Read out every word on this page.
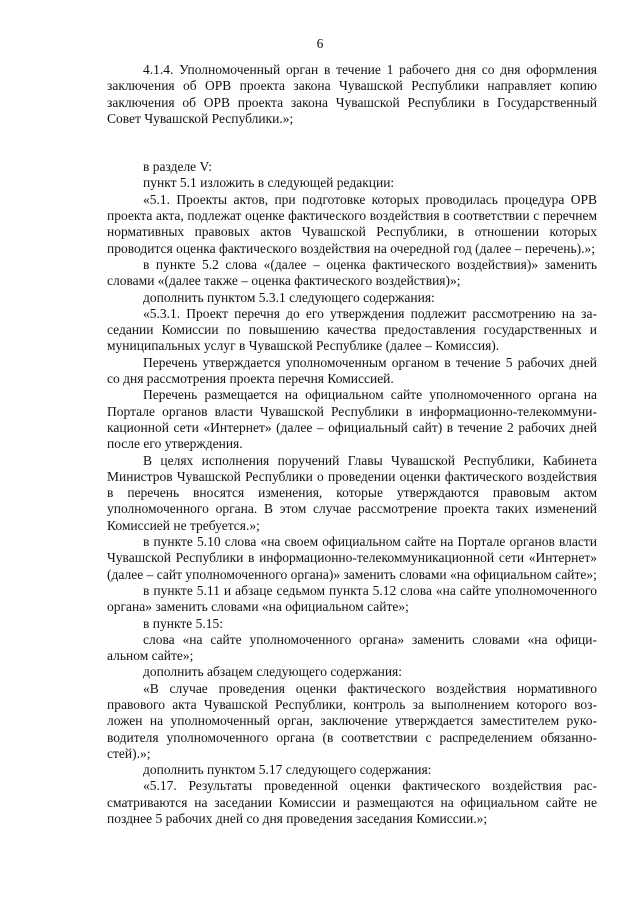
6

4.1.4. Уполномоченный орган в течение 1 рабочего дня со дня оформления заключения об ОРВ проекта закона Чувашской Республики направляет копию заключения об ОРВ проекта закона Чувашской Республики в Государственный Совет Чувашской Республики.»;

в разделе V:

пункт 5.1 изложить в следующей редакции:

«5.1. Проекты актов, при подготовке которых проводилась процедура ОРВ проекта акта, подлежат оценке фактического воздействия в соответствии с перечнем нормативных правовых актов Чувашской Республики, в отношении которых проводится оценка фактического воздействия на очередной год (далее – перечень).»;

в пункте 5.2 слова «(далее – оценка фактического воздействия)» заменить словами «(далее также – оценка фактического воздействия)»;

дополнить пунктом 5.3.1 следующего содержания:

«5.3.1. Проект перечня до его утверждения подлежит рассмотрению на заседании Комиссии по повышению качества предоставления государственных и муниципальных услуг в Чувашской Республике (далее – Комиссия).

Перечень утверждается уполномоченным органом в течение 5 рабочих дней со дня рассмотрения проекта перечня Комиссией.

Перечень размещается на официальном сайте уполномоченного органа на Портале органов власти Чувашской Республики в информационно-телекоммуникационной сети «Интернет» (далее – официальный сайт) в течение 2 рабочих дней после его утверждения.

В целях исполнения поручений Главы Чувашской Республики, Кабинета Министров Чувашской Республики о проведении оценки фактического воздействия в перечень вносятся изменения, которые утверждаются правовым актом уполномоченного органа. В этом случае рассмотрение проекта таких изменений Комиссией не требуется.»;

в пункте 5.10 слова «на своем официальном сайте на Портале органов власти Чувашской Республики в информационно-телекоммуникационной сети «Интернет» (далее – сайт уполномоченного органа)» заменить словами «на официальном сайте»;

в пункте 5.11 и абзаце седьмом пункта 5.12 слова «на сайте уполномоченного органа» заменить словами «на официальном сайте»;

в пункте 5.15:

слова «на сайте уполномоченного органа» заменить словами «на официальном сайте»;

дополнить абзацем следующего содержания:

«В случае проведения оценки фактического воздействия нормативного правового акта Чувашской Республики, контроль за выполнением которого возложен на уполномоченный орган, заключение утверждается заместителем руководителя уполномоченного органа (в соответствии с распределением обязанностей).»;

дополнить пунктом 5.17 следующего содержания:

«5.17. Результаты проведенной оценки фактического воздействия рассматриваются на заседании Комиссии и размещаются на официальном сайте не позднее 5 рабочих дней со дня проведения заседания Комиссии.»;
